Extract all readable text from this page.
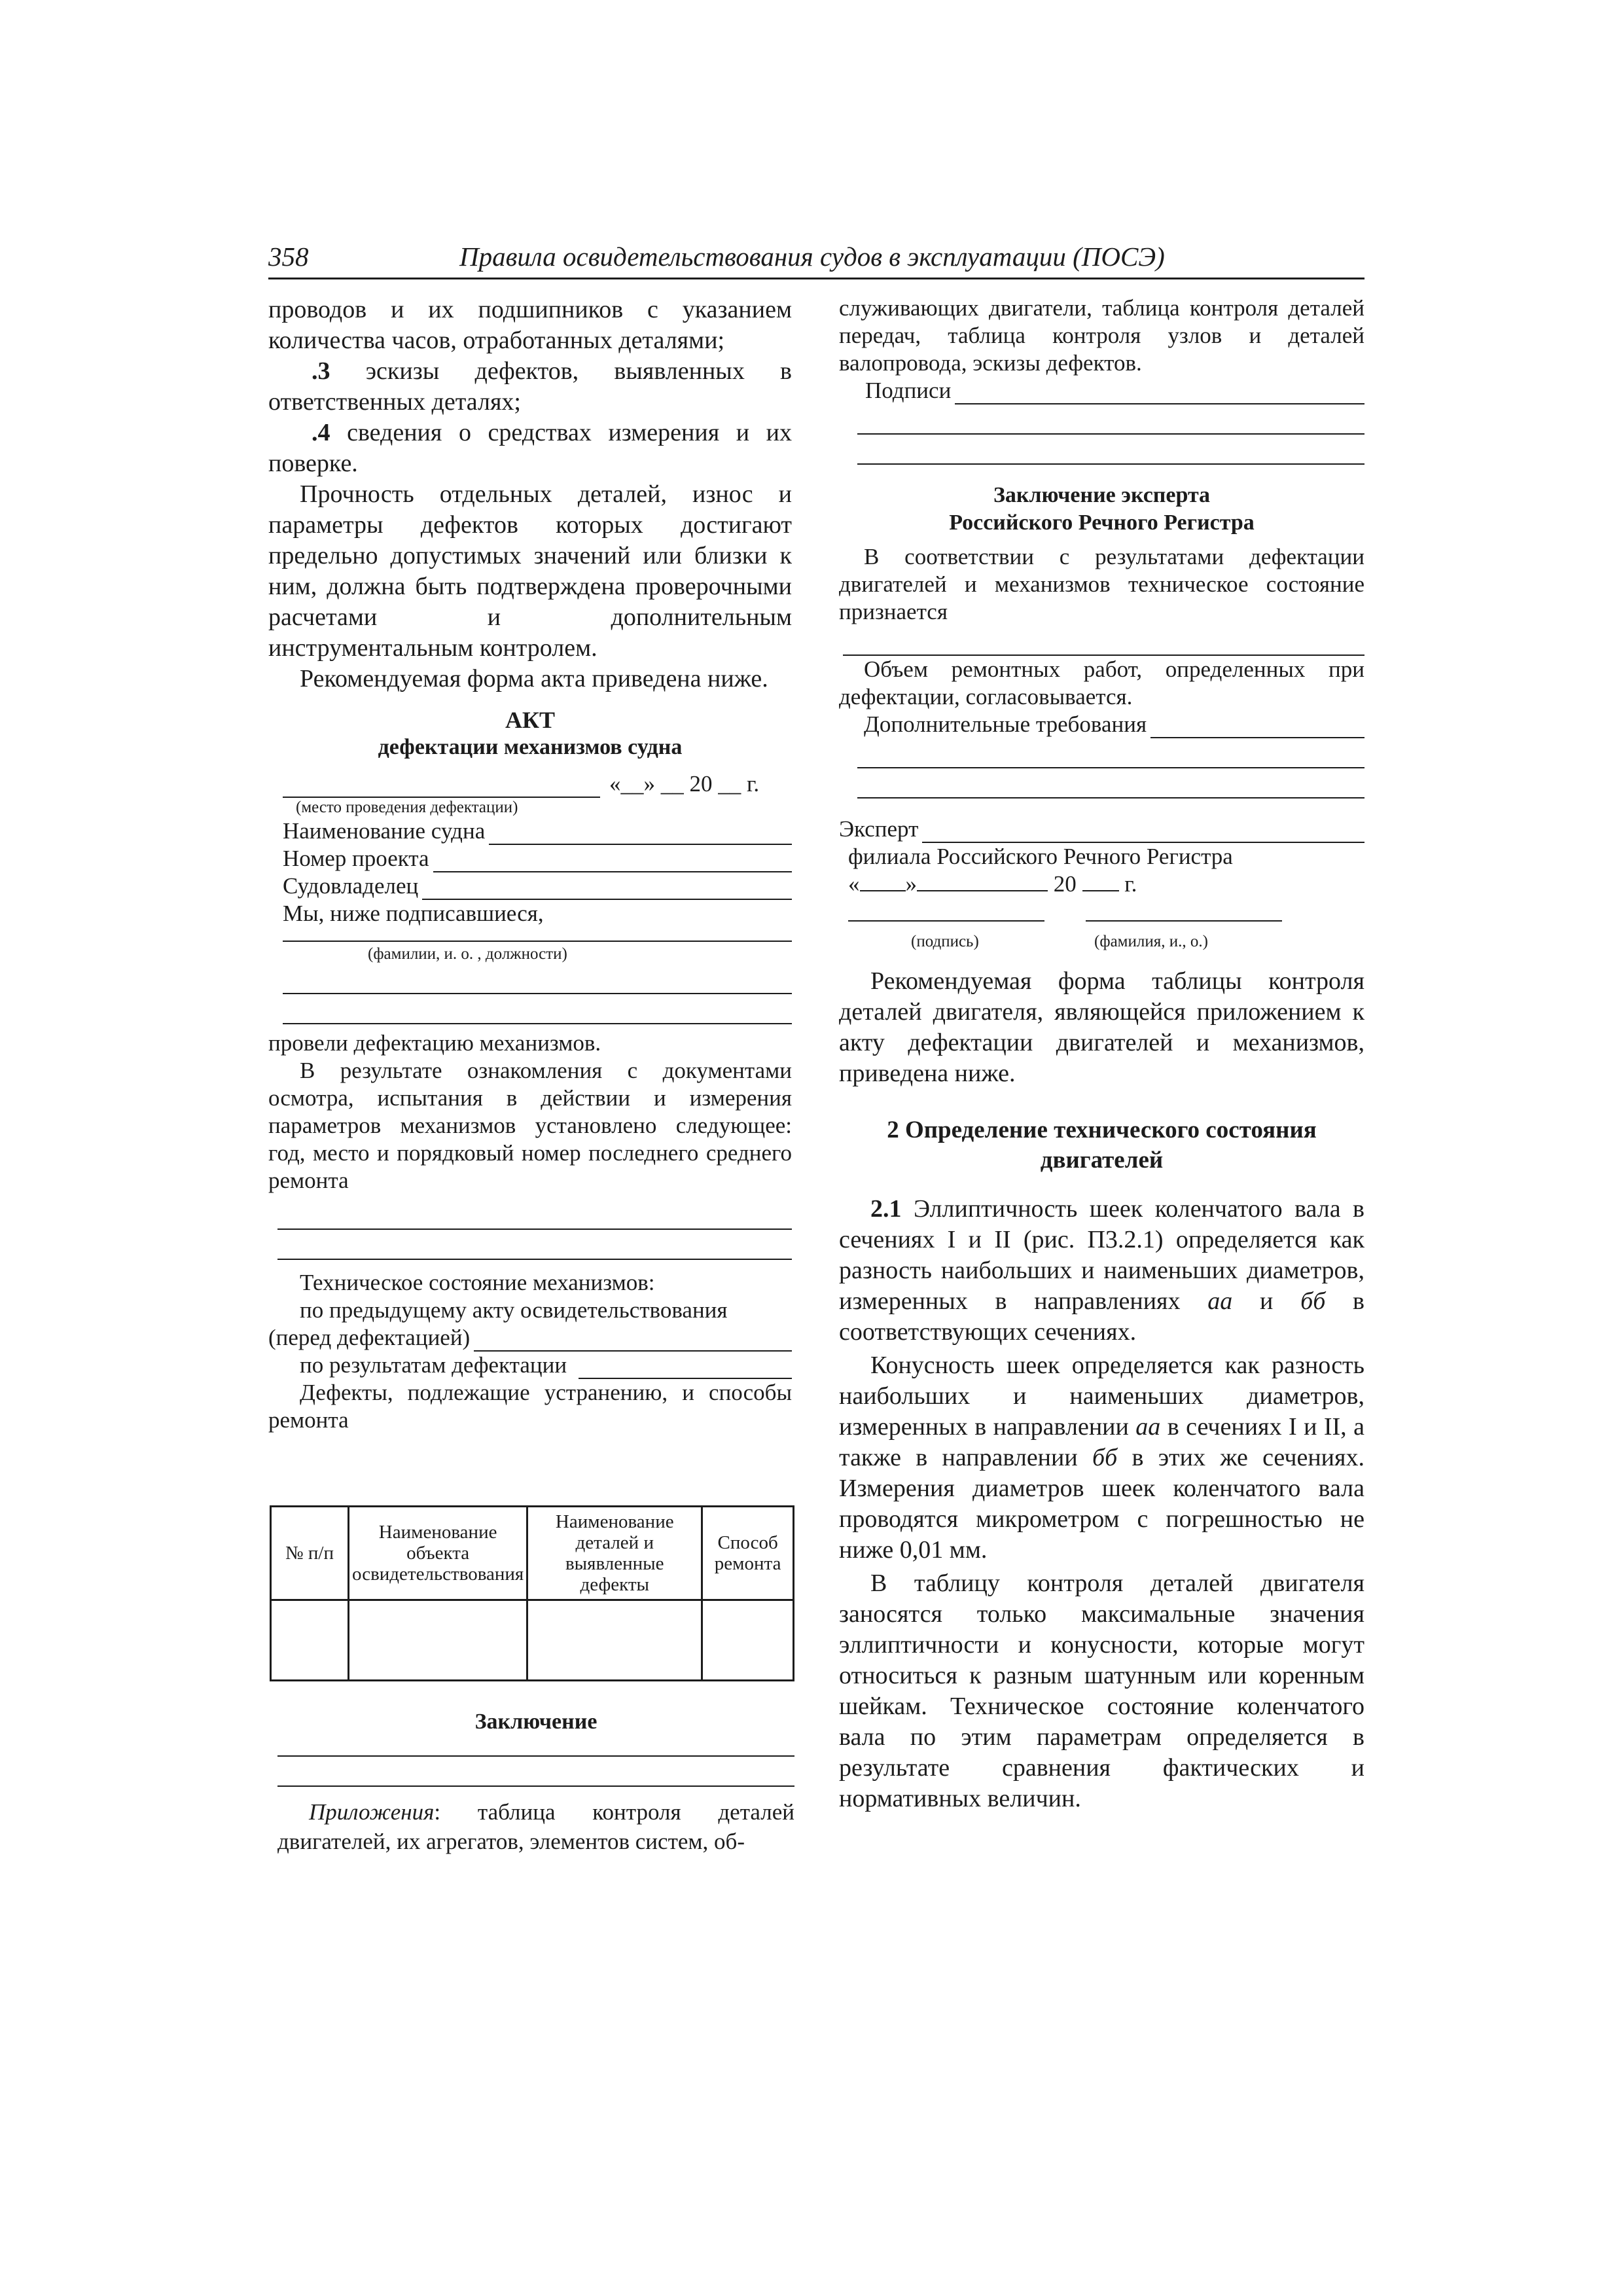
358	Правила освидетельствования судов в эксплуатации (ПОСЭ)

проводов и их подшипников с указанием количества часов, отработанных деталями;

.3 эскизы дефектов, выявленных в ответственных деталях;

.4 сведения о средствах измерения и их поверке.

Прочность отдельных деталей, износ и параметры дефектов которых достигают предельно допустимых значений или близки к ним, должна быть подтверждена проверочными расчетами и дополнительным инструментальным контролем.

Рекомендуемая форма акта приведена ниже.

АКТ

дефектации механизмов судна

«__» __ 20 __ г.
(место проведения дефектации)
Наименование судна
Номер проекта
Судовладелец
Мы, ниже подписавшиеся,
(фамилии, и. о. , должности)

провели дефектацию механизмов.

В результате ознакомления с документами осмотра, испытания в действии и измерения параметров механизмов установлено следующее: год, место и порядковый номер последнего среднего ремонта

Техническое состояние механизмов:

по предыдущему акту освидетельствования

(перед дефектацией)
по результатам дефектации

Дефекты, подлежащие устранению, и способы ремонта

№ п/п	Наименование объекта освидетельствования	Наименование деталей и выявленные дефекты	Способ ремонта

Заключение

Приложения: таблица контроля деталей двигателей, их агрегатов, элементов систем, об-

служивающих двигатели, таблица контроля деталей передач, таблица контроля узлов и деталей валопровода, эскизы дефектов.

Подписи

Заключение эксперта

Российского Речного Регистра

В соответствии с результатами дефектации двигателей и механизмов техническое состояние признается

Объем ремонтных работ, определенных при дефектации, согласовывается.

Дополнительные требования
Эксперт
филиала Российского Речного Регистра
« »	20  г.

(подпись)	(фамилия, и., о.)

Рекомендуемая форма таблицы контроля деталей двигателя, являющейся приложением к акту дефектации двигателей и механизмов, приведена ниже.

2 Определение технического состояния двигателей

2.1 Эллиптичность шеек коленчатого вала в сечениях I и II (рис. П3.2.1) определяется как разность наибольших и наименьших диаметров, измеренных в направлениях аа и бб в соответствующих сечениях.

Конусность шеек определяется как разность наибольших и наименьших диаметров, измеренных в направлении аа в сечениях I и II, а также в направлении бб в этих же сечениях. Измерения диаметров шеек коленчатого вала проводятся микрометром с погрешностью не ниже 0,01 мм.

В таблицу контроля деталей двигателя заносятся только максимальные значения эллиптичности и конусности, которые могут относиться к разным шатунным или коренным шейкам. Техническое состояние коленчатого вала по этим параметрам определяется в результате сравнения фактических и нормативных величин.
